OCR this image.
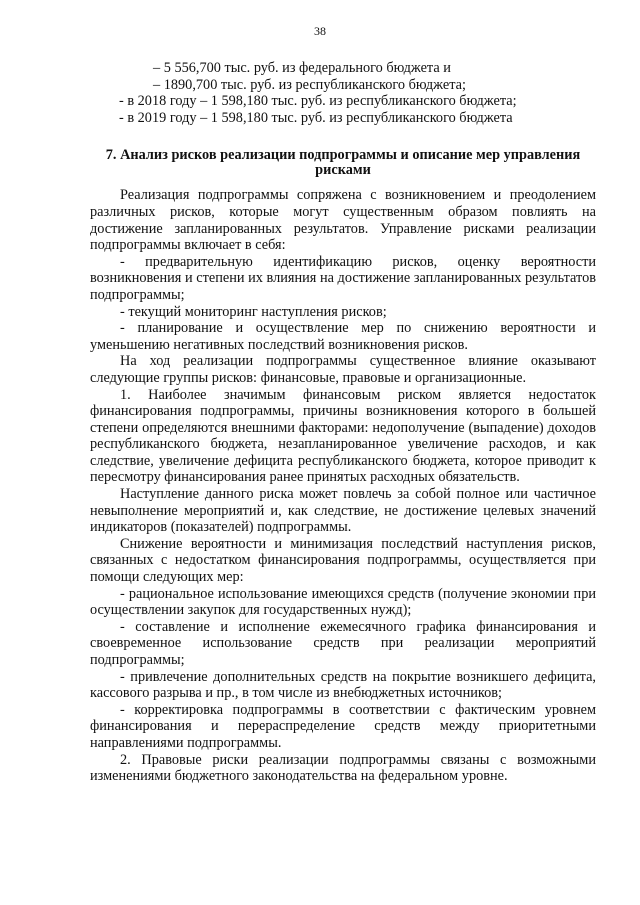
38
– 5 556,700 тыс. руб. из федерального бюджета и
– 1890,700 тыс. руб. из республиканского бюджета;
- в 2018 году – 1 598,180 тыс. руб. из республиканского бюджета;
- в 2019 году – 1 598,180 тыс. руб. из республиканского бюджета
7. Анализ рисков реализации подпрограммы и описание мер управления рисками

Реализация подпрограммы сопряжена с возникновением и преодолением различных рисков, которые могут существенным образом повлиять на достижение запланированных результатов. Управление рисками реализации подпрограммы включает в себя:

- предварительную идентификацию рисков, оценку вероятности возникновения и степени их влияния на достижение запланированных результатов подпрограммы;

- текущий мониторинг наступления рисков;

- планирование и осуществление мер по снижению вероятности и уменьшению негативных последствий возникновения рисков.

На ход реализации подпрограммы существенное влияние оказывают следующие группы рисков: финансовые, правовые и организационные.

1. Наиболее значимым финансовым риском является недостаток финансирования подпрограммы, причины возникновения которого в большей степени определяются внешними факторами: недополучение (выпадение) доходов республиканского бюджета, незапланированное увеличение расходов, и как следствие, увеличение дефицита республиканского бюджета, которое приводит к пересмотру финансирования ранее принятых расходных обязательств.

Наступление данного риска может повлечь за собой полное или частичное невыполнение мероприятий и, как следствие, не достижение целевых значений индикаторов (показателей) подпрограммы.

Снижение вероятности и минимизация последствий наступления рисков, связанных с недостатком финансирования подпрограммы, осуществляется при помощи следующих мер:

- рациональное использование имеющихся средств (получение экономии при осуществлении закупок для государственных нужд);

- составление и исполнение ежемесячного графика финансирования и своевременное использование средств при реализации мероприятий подпрограммы;

- привлечение дополнительных средств на покрытие возникшего дефицита, кассового разрыва и пр., в том числе из внебюджетных источников;

- корректировка подпрограммы в соответствии с фактическим уровнем финансирования и перераспределение средств между приоритетными направлениями подпрограммы.

2. Правовые риски реализации подпрограммы связаны с возможными изменениями бюджетного законодательства на федеральном уровне.
